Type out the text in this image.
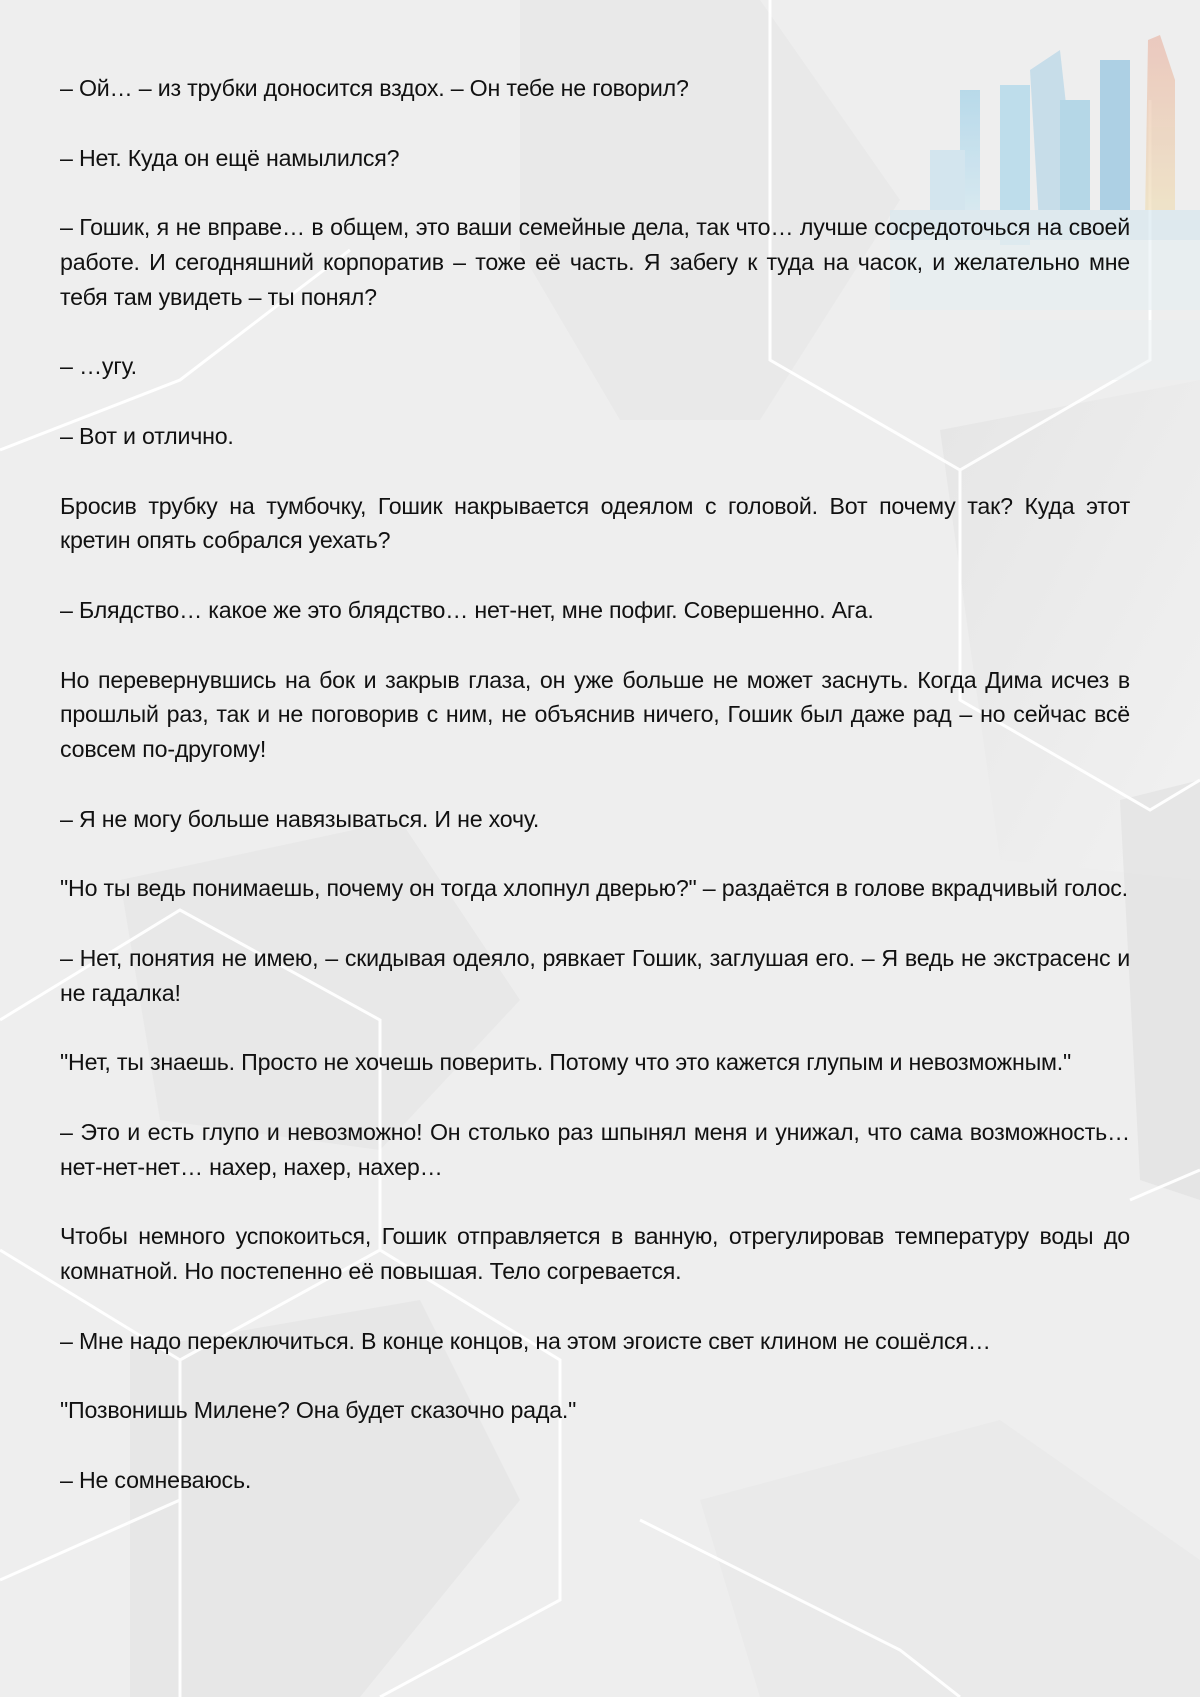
– Ой… – из трубки доносится вздох. – Он тебе не говорил?

– Нет. Куда он ещё намылился?

– Гошик, я не вправе… в общем, это ваши семейные дела, так что… лучше сосредоточься на своей работе. И сегодняшний корпоратив – тоже её часть. Я забегу к туда на часок, и желательно мне тебя там увидеть – ты понял?

– …угу.

– Вот и отлично.

Бросив трубку на тумбочку, Гошик накрывается одеялом с головой. Вот почему так? Куда этот кретин опять собрался уехать?

– Блядство… какое же это блядство… нет-нет, мне пофиг. Совершенно. Ага.

Но перевернувшись на бок и закрыв глаза, он уже больше не может заснуть. Когда Дима исчез в прошлый раз, так и не поговорив с ним, не объяснив ничего, Гошик был даже рад – но сейчас всё совсем по-другому!

– Я не могу больше навязываться. И не хочу.

"Но ты ведь понимаешь, почему он тогда хлопнул дверью?" – раздаётся в голове вкрадчивый голос.

– Нет, понятия не имею, – скидывая одеяло, рявкает Гошик, заглушая его. – Я ведь не экстрасенс и не гадалка!

"Нет, ты знаешь. Просто не хочешь поверить. Потому что это кажется глупым и невозможным."

– Это и есть глупо и невозможно! Он столько раз шпынял меня и унижал, что сама возможность… нет-нет-нет… нахер, нахер, нахер…

Чтобы немного успокоиться, Гошик отправляется в ванную, отрегулировав температуру воды до комнатной. Но постепенно её повышая. Тело согревается.

– Мне надо переключиться. В конце концов, на этом эгоисте свет клином не сошёлся…

"Позвонишь Милене? Она будет сказочно рада."

– Не сомневаюсь.
